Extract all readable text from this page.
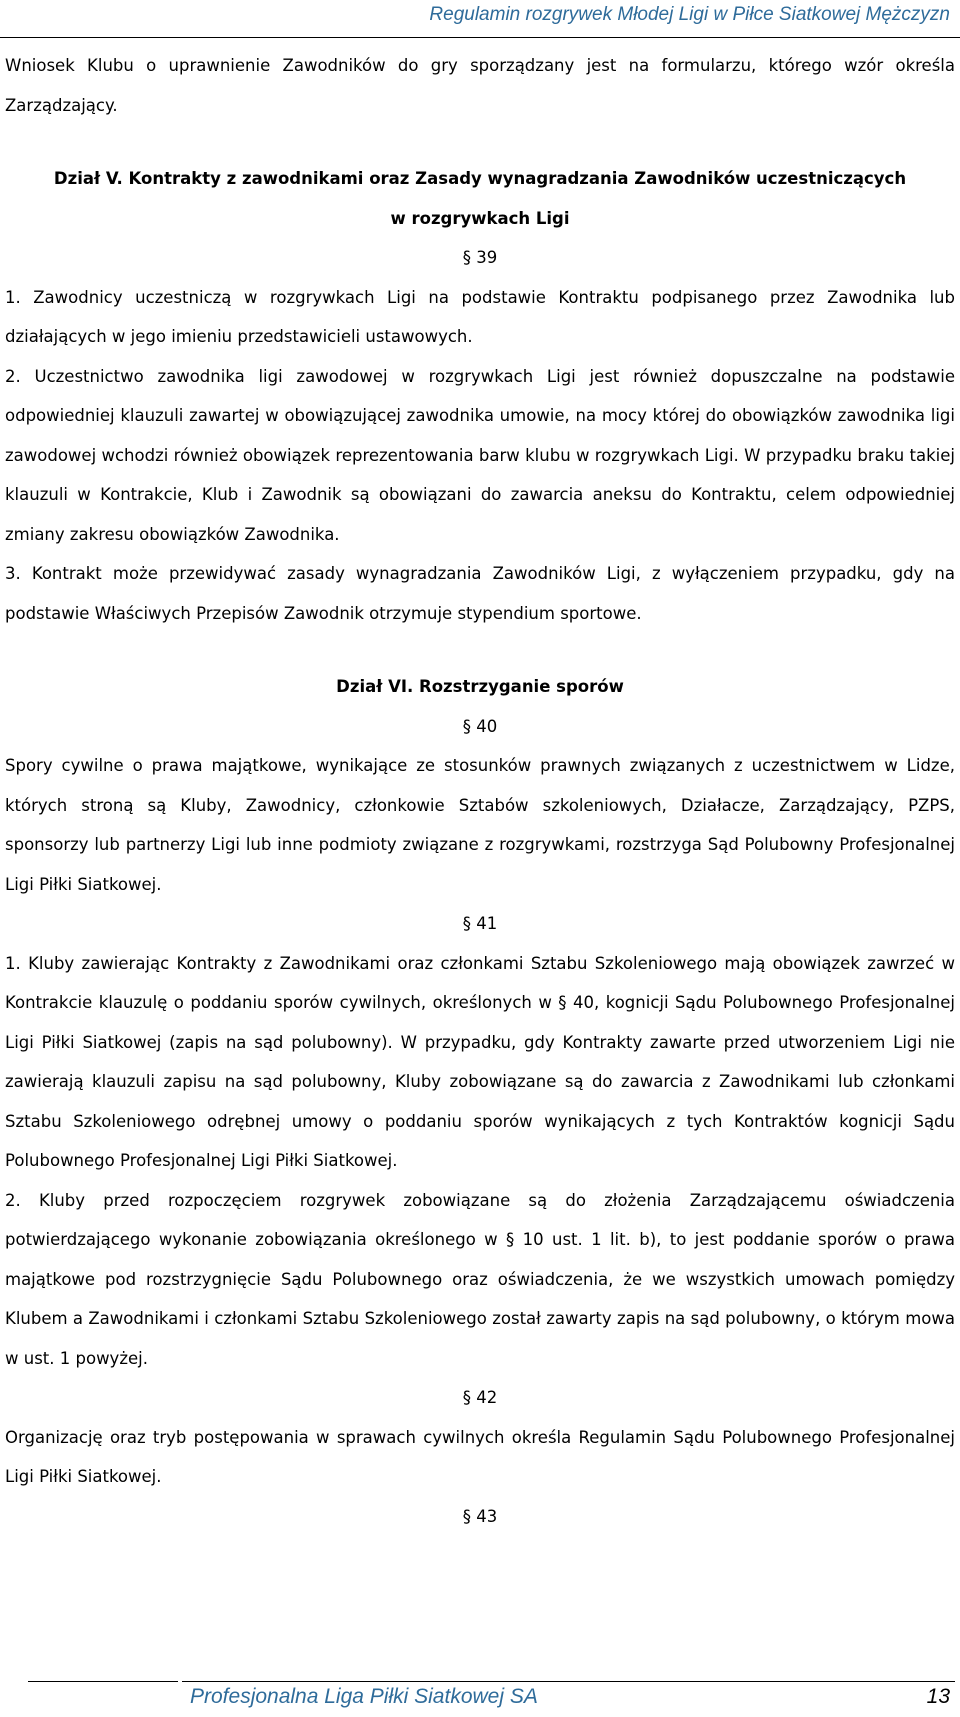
Regulamin rozgrywek Młodej Ligi w Piłce Siatkowej Mężczyzn

Wniosek Klubu o uprawnienie Zawodników do gry sporządzany jest na formularzu, którego wzór określa Zarządzający.

Dział V. Kontrakty z zawodnikami oraz Zasady wynagradzania Zawodników uczestniczących

w rozgrywkach Ligi

§ 39

1. Zawodnicy uczestniczą w rozgrywkach Ligi na podstawie Kontraktu podpisanego przez Zawodnika lub działających w jego imieniu przedstawicieli ustawowych.

2. Uczestnictwo zawodnika ligi zawodowej w rozgrywkach Ligi jest również dopuszczalne na podstawie odpowiedniej klauzuli zawartej w obowiązującej zawodnika umowie, na mocy której do obowiązków zawodnika ligi zawodowej wchodzi również obowiązek reprezentowania barw klubu w rozgrywkach Ligi. W przypadku braku takiej klauzuli w Kontrakcie, Klub i Zawodnik są obowiązani do zawarcia aneksu do Kontraktu, celem odpowiedniej zmiany zakresu obowiązków Zawodnika.

3. Kontrakt może przewidywać zasady wynagradzania Zawodników Ligi, z wyłączeniem przypadku, gdy na podstawie Właściwych Przepisów Zawodnik otrzymuje stypendium sportowe.

Dział VI. Rozstrzyganie sporów

§ 40

Spory cywilne o prawa majątkowe, wynikające ze stosunków prawnych związanych z uczestnictwem w Lidze, których stroną są Kluby, Zawodnicy, członkowie Sztabów szkoleniowych, Działacze, Zarządzający, PZPS, sponsorzy lub partnerzy Ligi lub inne podmioty związane z rozgrywkami, rozstrzyga Sąd Polubowny Profesjonalnej Ligi Piłki Siatkowej.

§ 41

1. Kluby zawierając Kontrakty z Zawodnikami oraz członkami Sztabu Szkoleniowego mają obowiązek zawrzeć w Kontrakcie klauzulę o poddaniu sporów cywilnych, określonych w § 40, kognicji Sądu Polubownego Profesjonalnej Ligi Piłki Siatkowej (zapis na sąd polubowny). W przypadku, gdy Kontrakty zawarte przed utworzeniem Ligi nie zawierają klauzuli zapisu na sąd polubowny, Kluby zobowiązane są do zawarcia z Zawodnikami lub członkami Sztabu Szkoleniowego odrębnej umowy o poddaniu sporów wynikających z tych Kontraktów kognicji Sądu Polubownego Profesjonalnej Ligi Piłki Siatkowej.

2. Kluby przed rozpoczęciem rozgrywek zobowiązane są do złożenia Zarządzającemu oświadczenia potwierdzającego wykonanie zobowiązania określonego w § 10 ust. 1 lit. b), to jest poddanie sporów o prawa majątkowe pod rozstrzygnięcie Sądu Polubownego oraz oświadczenia, że we wszystkich umowach pomiędzy Klubem a Zawodnikami i członkami Sztabu Szkoleniowego został zawarty zapis na sąd polubowny, o którym mowa w ust. 1 powyżej.

§ 42

Organizację oraz tryb postępowania w sprawach cywilnych określa Regulamin Sądu Polubownego Profesjonalnej Ligi Piłki Siatkowej.

§ 43

Profesjonalna Liga Piłki Siatkowej SA	13
